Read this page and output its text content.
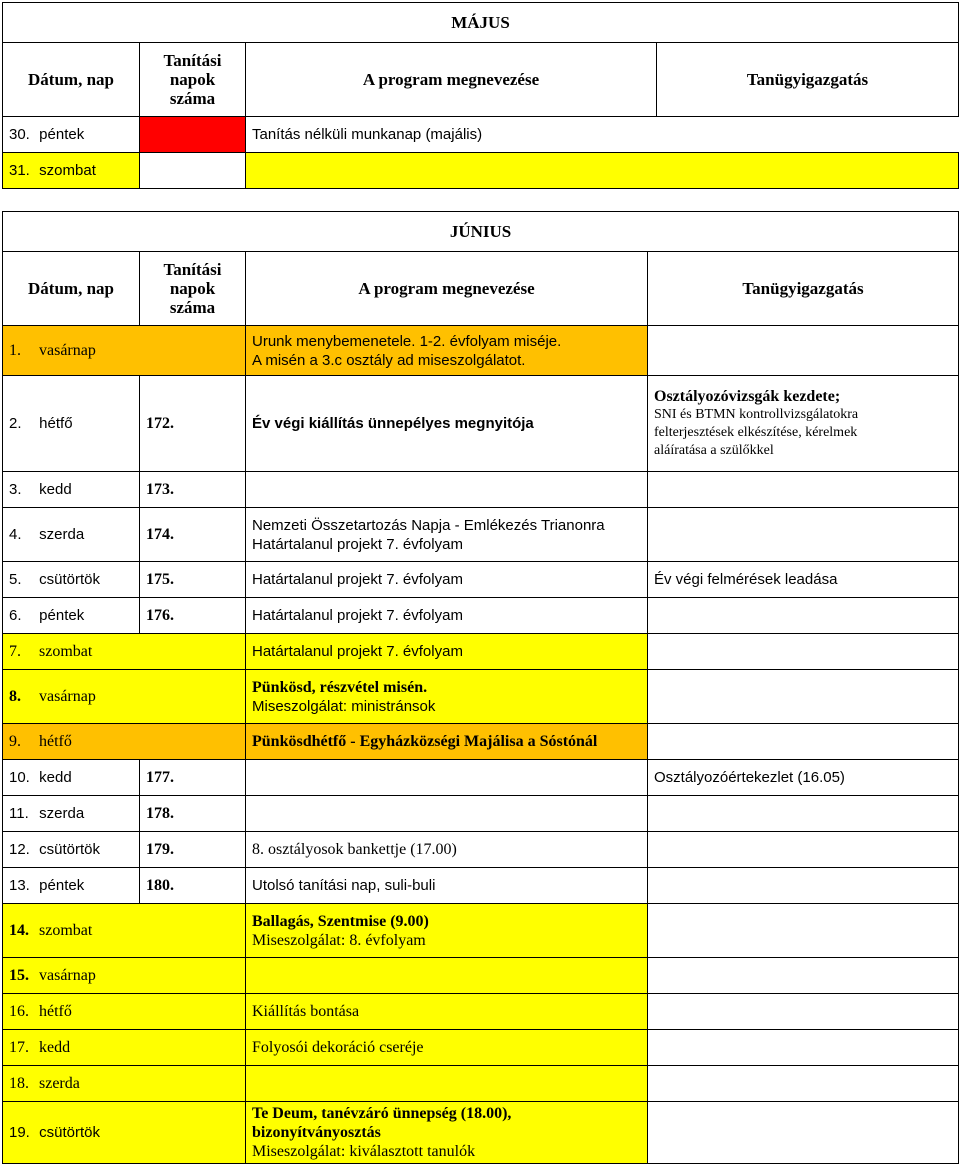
MÁJUS			
Dátum, nap	Tanítási napok száma	A program megnevezése	Tanügyigazgatás
30. péntek		Tanítás nélküli munkanap (majális)	
31. szombat			
JÚNIUS			
Dátum, nap	Tanítási napok száma	A program megnevezése	Tanügyigazgatás
1. vasárnap		Urunk menybemenetele. 1-2. évfolyam miséje.
A misén a 3.c osztály ad miseszolgálatot.	

2. hétfő	172.	Év végi kiállítás ünnepélyes megnyitója	Osztályozóvizsgák kezdete;
SNI és BTMN kontrollvizsgálatokra
felterjesztések elkészítése, kérelmek
aláíratása a szülőkkel

3. kedd	173.		
4. szerda	174.	Nemzeti Összetartozás Napja - Emlékezés Trianonra
Határtalanul projekt 7. évfolyam	

5. csütörtök	175.	Határtalanul projekt 7. évfolyam	Év végi felmérések leadása
6. péntek	176.	Határtalanul projekt 7. évfolyam	
7. szombat		Határtalanul projekt 7. évfolyam	
8. vasárnap		Pünkösd, részvétel misén.
Miseszolgálat: ministránsok	

9. hétfő		Pünkösdhétfő - Egyházközségi Majálisa a Sóstónál	
10. kedd	177.		Osztályozóértekezlet (16.05)
11. szerda	178.		
12. csütörtök	179.	8. osztályosok bankettje (17.00)	
13. péntek	180.	Utolsó tanítási nap, suli-buli	
14. szombat		Ballagás, Szentmise (9.00)
Miseszolgálat: 8. évfolyam	

15. vasárnap			
16. hétfő		Kiállítás bontása	
17. kedd		Folyosói dekoráció cseréje	
18. szerda			
19. csütörtök		Te Deum, tanévzáró ünnepség (18.00),
bizonyítványosztás
Miseszolgálat: kiválasztott tanulók	
